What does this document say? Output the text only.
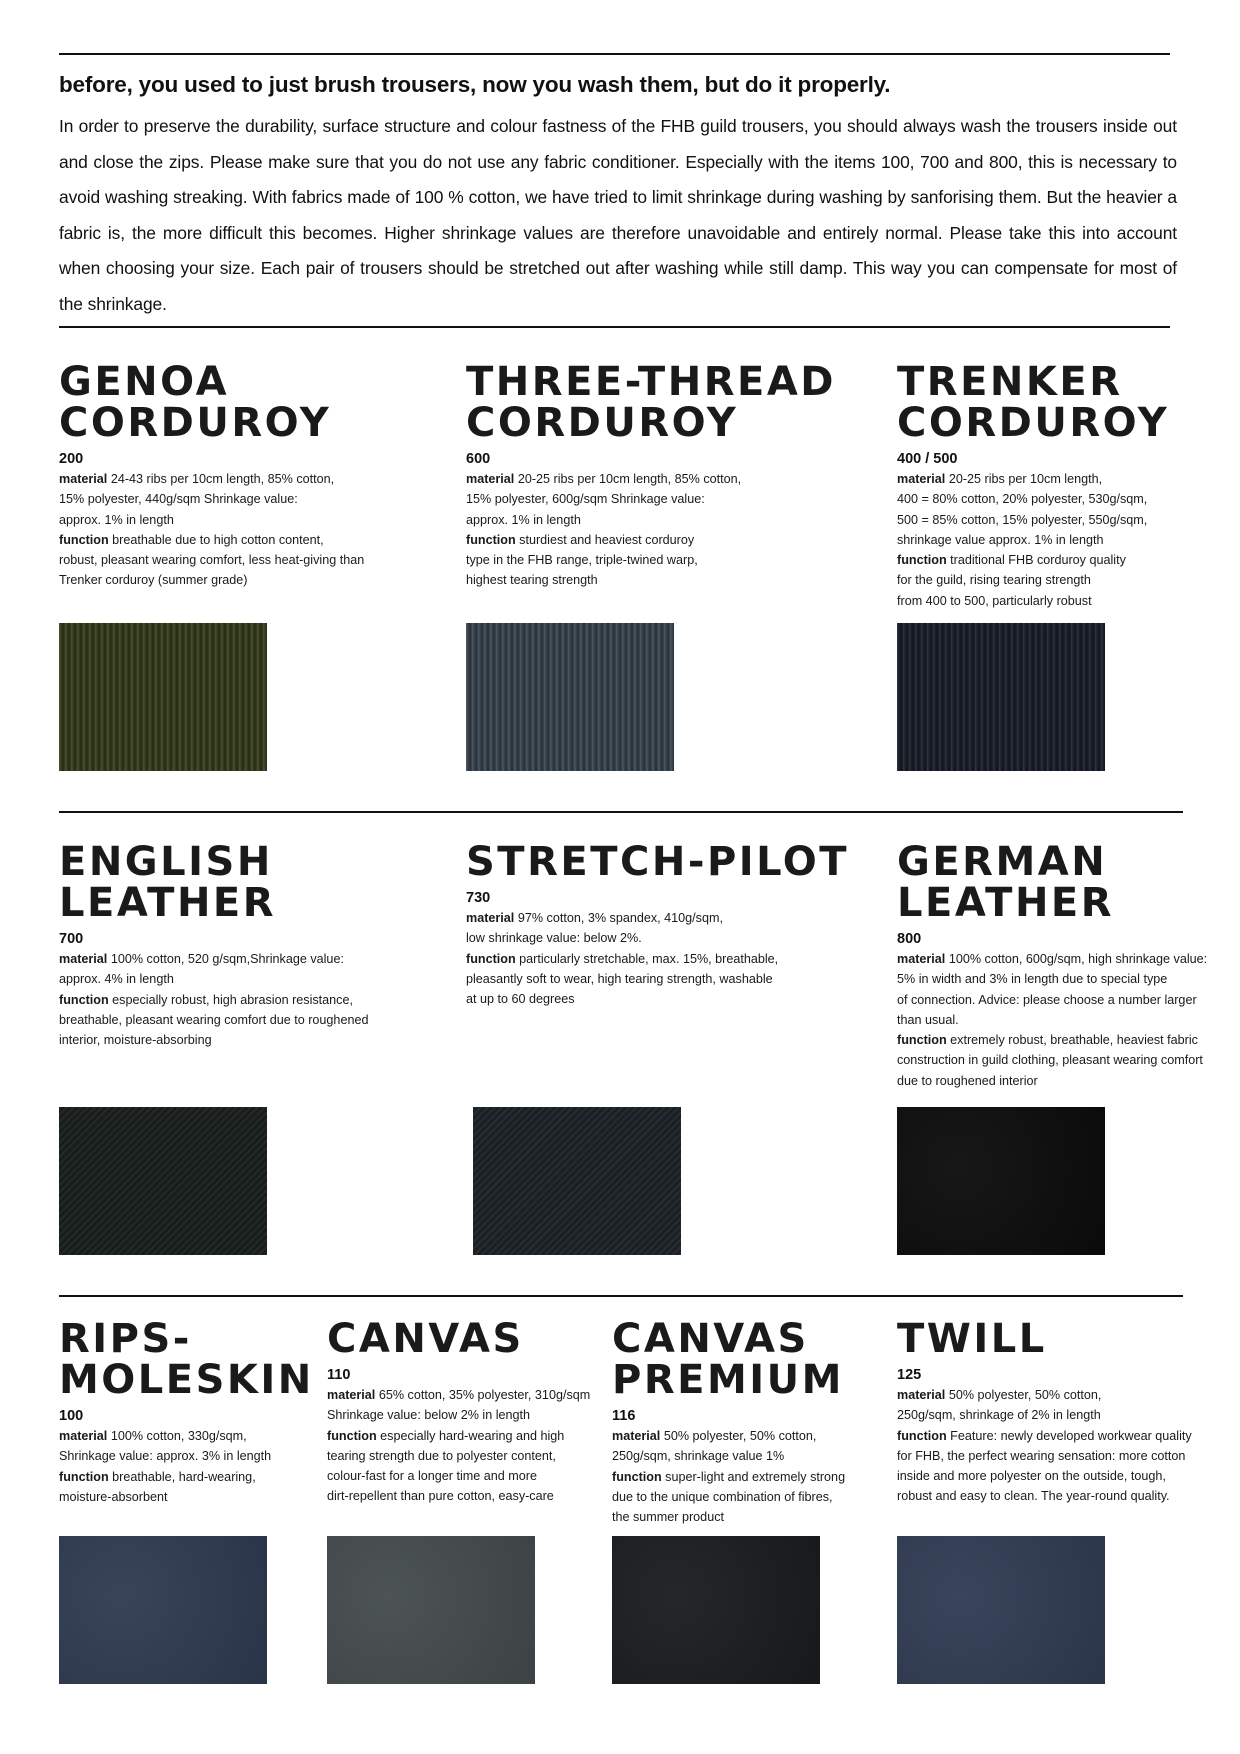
before, you used to just brush trousers, now you wash them, but do it properly.

In order to preserve the durability, surface structure and colour fastness of the FHB guild trousers, you should always wash the trousers inside out and close the zips. Please make sure that you do not use any fabric conditioner. Especially with the items 100, 700 and 800, this is necessary to avoid washing streaking. With fabrics made of 100 % cotton, we have tried to limit shrinkage during washing by sanforising them. But the heavier a fabric is, the more difficult this becomes. Higher shrinkage values are therefore unavoidable and entirely normal. Please take this into account when choosing your size. Each pair of trousers should be stretched out after washing while still damp. This way you can compensate for most of the shrinkage.

GENOA
CORDUROY
200
material 24-43 ribs per 10cm length, 85% cotton,
15% polyester, 440g/sqm Shrinkage value:
approx. 1% in length
function breathable due to high cotton content,
robust, pleasant wearing comfort, less heat-giving than
Trenker corduroy (summer grade)
THREE-THREAD
CORDUROY
600
material 20-25 ribs per 10cm length, 85% cotton,
15% polyester, 600g/sqm Shrinkage value:
approx. 1% in length
function sturdiest and heaviest corduroy
type in the FHB range, triple-twined warp,
highest tearing strength
TRENKER
CORDUROY
400 / 500
material 20-25 ribs per 10cm length,
400 = 80% cotton, 20% polyester, 530g/sqm,
500 = 85% cotton, 15% polyester, 550g/sqm,
shrinkage value approx. 1% in length
function traditional FHB corduroy quality
for the guild, rising tearing strength
from 400 to 500, particularly robust
ENGLISH
LEATHER
700
material 100% cotton, 520 g/sqm,Shrinkage value:
approx. 4% in length
function especially robust, high abrasion resistance,
breathable, pleasant wearing comfort due to roughened
interior, moisture-absorbing
STRETCH-PILOT
730
material 97% cotton, 3% spandex, 410g/sqm,
low shrinkage value: below 2%.
function particularly stretchable, max. 15%, breathable,
pleasantly soft to wear, high tearing strength, washable
at up to 60 degrees
GERMAN
LEATHER
800
material 100% cotton, 600g/sqm, high shrinkage value:
5% in width and 3% in length due to special type
of connection. Advice: please choose a number larger
than usual.
function extremely robust, breathable, heaviest fabric
construction in guild clothing, pleasant wearing comfort
due to roughened interior
RIPS-
MOLESKIN
100
material 100% cotton, 330g/sqm,
Shrinkage value: approx. 3% in length
function breathable, hard-wearing,
moisture-absorbent
CANVAS
110
material 65% cotton, 35% polyester, 310g/sqm
Shrinkage value: below 2% in length
function especially hard-wearing and high
tearing strength due to polyester content,
colour-fast for a longer time and more
dirt-repellent than pure cotton, easy-care
CANVAS
PREMIUM
116
material 50% polyester, 50% cotton,
250g/sqm, shrinkage value 1%
function super-light and extremely strong
due to the unique combination of fibres,
the summer product
TWILL
125
material 50% polyester, 50% cotton,
250g/sqm, shrinkage of 2% in length
function Feature: newly developed workwear quality
for FHB, the perfect wearing sensation: more cotton
inside and more polyester on the outside, tough,
robust and easy to clean. The year-round quality.
